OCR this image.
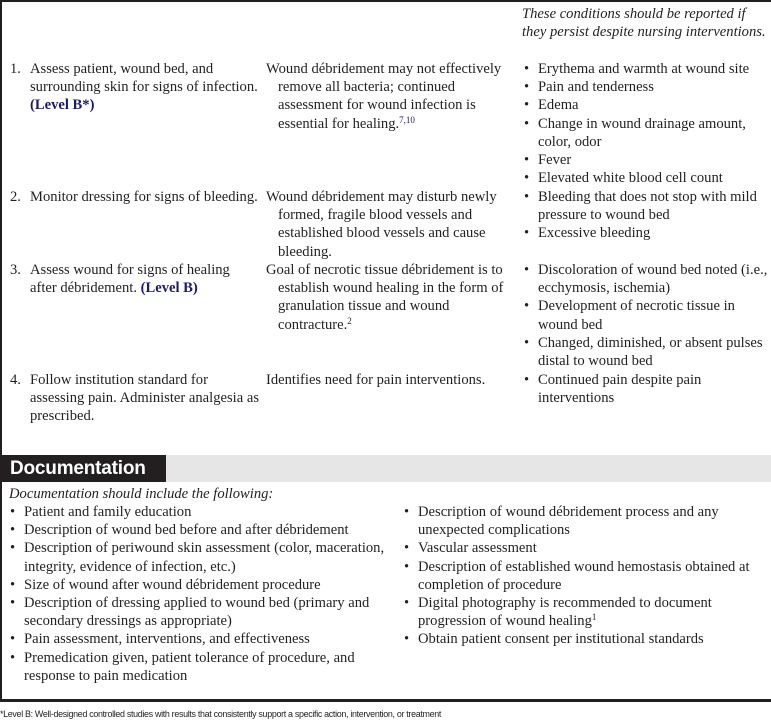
These conditions should be reported if they persist despite nursing interventions.
1. Assess patient, wound bed, and surrounding skin for signs of infection. (Level B*)
Wound débridement may not effectively remove all bacteria; continued assessment for wound infection is essential for healing.$^{7,10}$
• Erythema and warmth at wound site
• Pain and tenderness
• Edema
• Change in wound drainage amount, color, odor
• Fever
• Elevated white blood cell count
2. Monitor dressing for signs of bleeding. Wound débridement may disturb newly formed, fragile blood vessels and established blood vessels and cause bleeding.
• Bleeding that does not stop with mild pressure to wound bed
• Excessive bleeding
3. Assess wound for signs of healing after débridement. (Level B)
Goal of necrotic tissue débridement is to establish wound healing in the form of granulation tissue and wound contracture.$^2$
• Discoloration of wound bed noted (i.e., ecchymosis, ischemia)
• Development of necrotic tissue in wound bed
• Changed, diminished, or absent pulses distal to wound bed
4. Follow institution standard for assessing pain. Administer analgesia as prescribed.
Identifies need for pain interventions.	• Continued pain despite pain interventions
Documentation
Documentation should include the following:
• Patient and family education
• Description of wound bed before and after débridement
• Description of periwound skin assessment (color, maceration, integrity, evidence of infection, etc.)
• Size of wound after wound débridement procedure
• Description of dressing applied to wound bed (primary and secondary dressings as appropriate)
• Pain assessment, interventions, and effectiveness
• Premedication given, patient tolerance of procedure, and response to pain medication
• Description of wound débridement process and any unexpected complications
• Vascular assessment
• Description of established wound hemostasis obtained at completion of procedure
• Digital photography is recommended to document progression of wound healing$^1$
• Obtain patient consent per institutional standards
*Level B: Well-designed controlled studies with results that consistently support a specific action, intervention, or treatment
